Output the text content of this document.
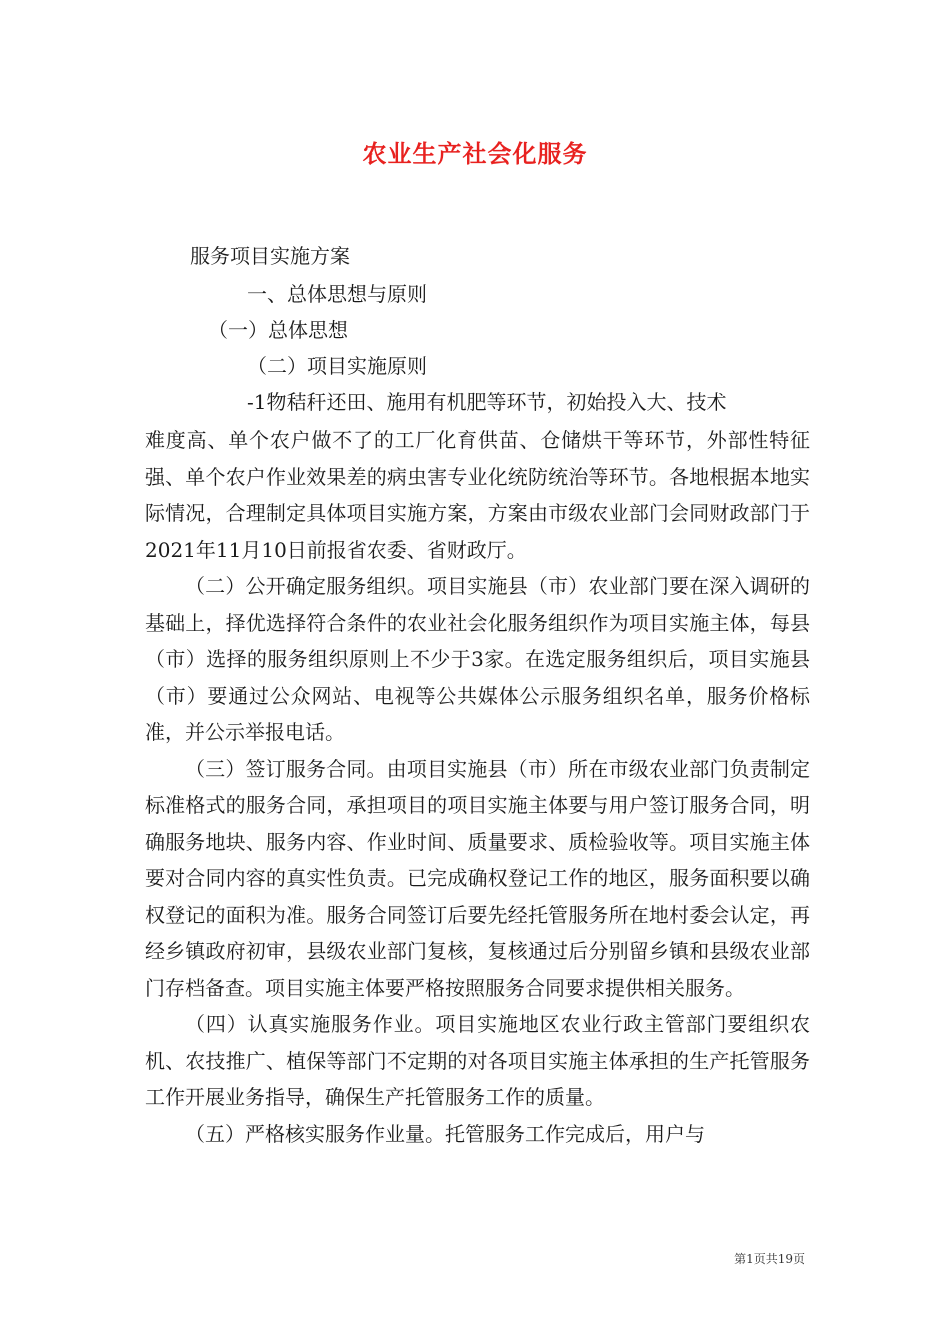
农业生产社会化服务
服务项目实施方案
一、总体思想与原则
（一）总体思想
（二）项目实施原则
-1物秸秆还田、施用有机肥等环节，初始投入大、技术

难度高、单个农户做不了的工厂化育供苗、仓储烘干等环节，外部性特征强、单个农户作业效果差的病虫害专业化统防统治等环节。各地根据本地实际情况，合理制定具体项目实施方案，方案由市级农业部门会同财政部门于2021年11月10日前报省农委、省财政厅。

（二）公开确定服务组织。项目实施县（市）农业部门要在深入调研的基础上，择优选择符合条件的农业社会化服务组织作为项目实施主体，每县（市）选择的服务组织原则上不少于3家。在选定服务组织后，项目实施县（市）要通过公众网站、电视等公共媒体公示服务组织名单，服务价格标准，并公示举报电话。

（三）签订服务合同。由项目实施县（市）所在市级农业部门负责制定标准格式的服务合同，承担项目的项目实施主体要与用户签订服务合同，明确服务地块、服务内容、作业时间、质量要求、质检验收等。项目实施主体要对合同内容的真实性负责。已完成确权登记工作的地区，服务面积要以确权登记的面积为准。服务合同签订后要先经托管服务所在地村委会认定，再经乡镇政府初审，县级农业部门复核，复核通过后分别留乡镇和县级农业部门存档备查。项目实施主体要严格按照服务合同要求提供相关服务。

（四）认真实施服务作业。项目实施地区农业行政主管部门要组织农机、农技推广、植保等部门不定期的对各项目实施主体承担的生产托管服务工作开展业务指导，确保生产托管服务工作的质量。

（五）严格核实服务作业量。托管服务工作完成后，用户与

第1页共19页
